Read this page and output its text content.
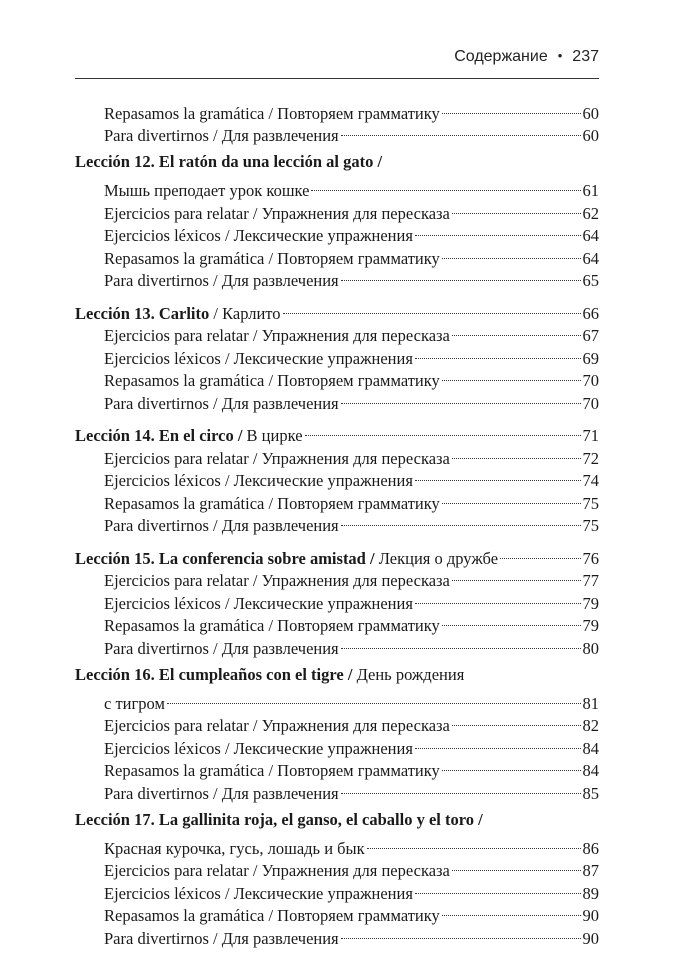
Содержание • 237
Repasamos la gramática / Повторяем грамматику	60
Para divertirnos / Для развлечения	60
Lección 12. El ratón da una lección al gato /
Мышь преподает урок кошке	61
Ejercicios para relatar / Упражнения для пересказа	62
Ejercicios léxicos / Лексические упражнения	64
Repasamos la gramática / Повторяем грамматику	64
Para divertirnos / Для развлечения	65
Lección 13. Carlito / Карлито	66
Ejercicios para relatar / Упражнения для пересказа	67
Ejercicios léxicos / Лексические упражнения	69
Repasamos la gramática / Повторяем грамматику	70
Para divertirnos / Для развлечения	70
Lección 14. En el circo / В цирке	71
Ejercicios para relatar / Упражнения для пересказа	72
Ejercicios léxicos / Лексические упражнения	74
Repasamos la gramática / Повторяем грамматику	75
Para divertirnos / Для развлечения	75
Lección 15. La conferencia sobre amistad / Лекция о дружбе	76
Ejercicios para relatar / Упражнения для пересказа	77
Ejercicios léxicos / Лексические упражнения	79
Repasamos la gramática / Повторяем грамматику	79
Para divertirnos / Для развлечения	80
Lección 16. El cumpleaños con el tigre / День рождения
с тигром	81
Ejercicios para relatar / Упражнения для пересказа	82
Ejercicios léxicos / Лексические упражнения	84
Repasamos la gramática / Повторяем грамматику	84
Para divertirnos / Для развлечения	85
Lección 17. La gallinita roja, el ganso, el caballo y el toro /
Красная курочка, гусь, лошадь и бык	86
Ejercicios para relatar / Упражнения для пересказа	87
Ejercicios léxicos / Лексические упражнения	89
Repasamos la gramática / Повторяем грамматику	90
Para divertirnos / Для развлечения	90
